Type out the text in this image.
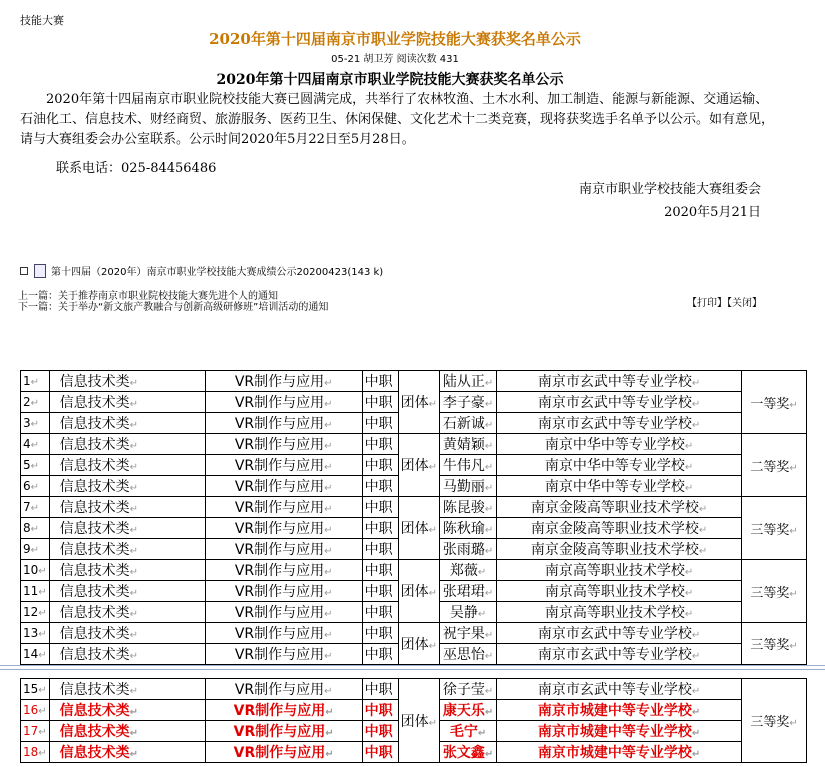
技能大赛
2020年第十四届南京市职业学院技能大赛获奖名单公示
05-21 胡卫芳 阅读次数 431
2020年第十四届南京市职业学院技能大赛获奖名单公示
2020年第十四届南京市职业院校技能大赛已圆满完成，共举行了农林牧渔、土木水利、加工制造、能源与新能源、交通运输、石油化工、信息技术、财经商贸、旅游服务、医药卫生、休闲保健、文化艺术十二类竞赛，现将获奖选手名单予以公示。如有意见，请与大赛组委会办公室联系。公示时间2020年5月22日至5月28日。
联系电话：025-84456486
南京市职业学校技能大赛组委会
2020年5月21日
第十四届（2020年）南京市职业学校技能大赛成绩公示20200423(143 k)
上一篇：关于推荐南京市职业院校技能大赛先进个人的通知
下一篇：关于举办“新文旅产教融合与创新高级研修班”培训活动的通知	【打印】【关闭】
1↵	信息技术类↵	VR制作与应用↵	中职	团体↵	陆从正↵	南京市玄武中等专业学校↵	一等奖↵
2↵	信息技术类↵	VR制作与应用↵	中职		李子豪↵	南京市玄武中等专业学校↵	
3↵	信息技术类↵	VR制作与应用↵	中职		石新诚↵	南京市玄武中等专业学校↵	
4↵	信息技术类↵	VR制作与应用↵	中职	团体↵	黄婧颖↵	南京中华中等专业学校↵	二等奖↵
5↵	信息技术类↵	VR制作与应用↵	中职		牛伟凡↵	南京中华中等专业学校↵	
6↵	信息技术类↵	VR制作与应用↵	中职		马勤丽↵	南京中华中等专业学校↵	
7↵	信息技术类↵	VR制作与应用↵	中职	团体↵	陈昆骏↵	南京金陵高等职业技术学校↵	三等奖↵
8↵	信息技术类↵	VR制作与应用↵	中职		陈秋瑜↵	南京金陵高等职业技术学校↵	
9↵	信息技术类↵	VR制作与应用↵	中职		张雨璐↵	南京金陵高等职业技术学校↵	
10↵	信息技术类↵	VR制作与应用↵	中职	团体↵	郑薇↵	南京高等职业技术学校↵	三等奖↵
11↵	信息技术类↵	VR制作与应用↵	中职		张珺珺↵	南京高等职业技术学校↵	
12↵	信息技术类↵	VR制作与应用↵	中职		吴静↵	南京高等职业技术学校↵	
13↵	信息技术类↵	VR制作与应用↵	中职	团体↵	祝宇果↵	南京市玄武中等专业学校↵	三等奖↵
14↵	信息技术类↵	VR制作与应用↵	中职		巫思怡↵	南京市玄武中等专业学校↵	
15↵	信息技术类↵	VR制作与应用↵	中职	团体↵	徐子莹↵	南京市玄武中等专业学校↵	三等奖↵
16↵	信息技术类↵	VR制作与应用↵	中职		康天乐↵	南京市城建中等专业学校↵	
17↵	信息技术类↵	VR制作与应用↵	中职		毛宁↵	南京市城建中等专业学校↵	
18↵	信息技术类↵	VR制作与应用↵	中职		张文鑫↵	南京市城建中等专业学校↵	
